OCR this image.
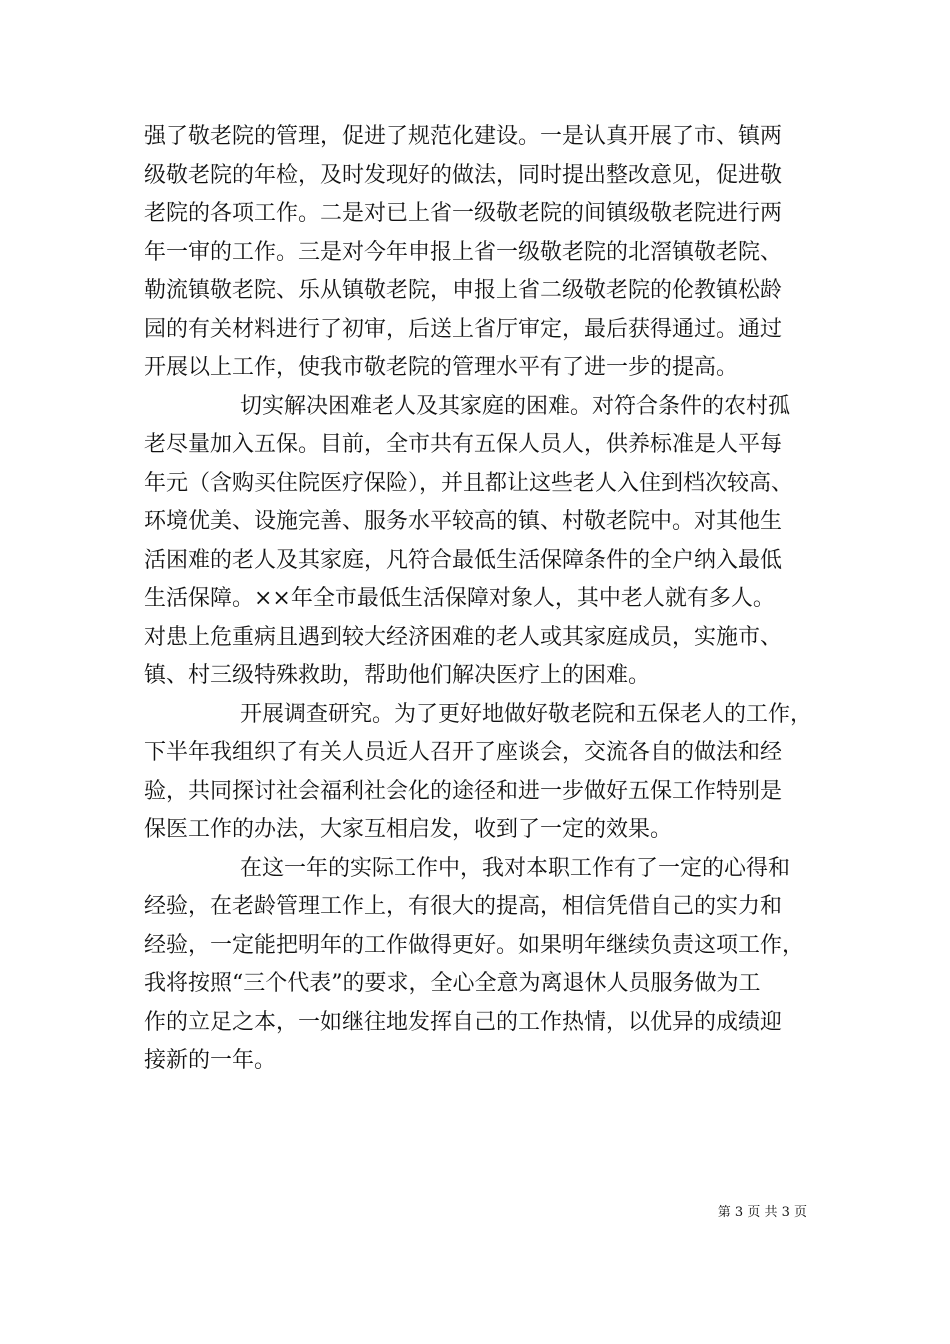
强了敬老院的管理，促进了规范化建设。一是认真开展了市、镇两
级敬老院的年检，及时发现好的做法，同时提出整改意见，促进敬
老院的各项工作。二是对已上省一级敬老院的间镇级敬老院进行两
年一审的工作。三是对今年申报上省一级敬老院的北滘镇敬老院、
勒流镇敬老院、乐从镇敬老院，申报上省二级敬老院的伦教镇松龄
园的有关材料进行了初审，后送上省厅审定，最后获得通过。通过
开展以上工作，使我市敬老院的管理水平有了进一步的提高。
切实解决困难老人及其家庭的困难。对符合条件的农村孤
老尽量加入五保。目前，全市共有五保人员人，供养标准是人平每
年元（含购买住院医疗保险），并且都让这些老人入住到档次较高、
环境优美、设施完善、服务水平较高的镇、村敬老院中。对其他生
活困难的老人及其家庭，凡符合最低生活保障条件的全户纳入最低
生活保障。××年全市最低生活保障对象人，其中老人就有多人。
对患上危重病且遇到较大经济困难的老人或其家庭成员，实施市、
镇、村三级特殊救助，帮助他们解决医疗上的困难。
开展调查研究。为了更好地做好敬老院和五保老人的工作，
下半年我组织了有关人员近人召开了座谈会，交流各自的做法和经
验，共同探讨社会福利社会化的途径和进一步做好五保工作特别是
保医工作的办法，大家互相启发，收到了一定的效果。
在这一年的实际工作中，我对本职工作有了一定的心得和
经验，在老龄管理工作上，有很大的提高，相信凭借自己的实力和
经验，一定能把明年的工作做得更好。如果明年继续负责这项工作，
我将按照“三个代表”的要求，全心全意为离退休人员服务做为工
作的立足之本，一如继往地发挥自己的工作热情，以优异的成绩迎
接新的一年。
第 3 页 共 3 页
